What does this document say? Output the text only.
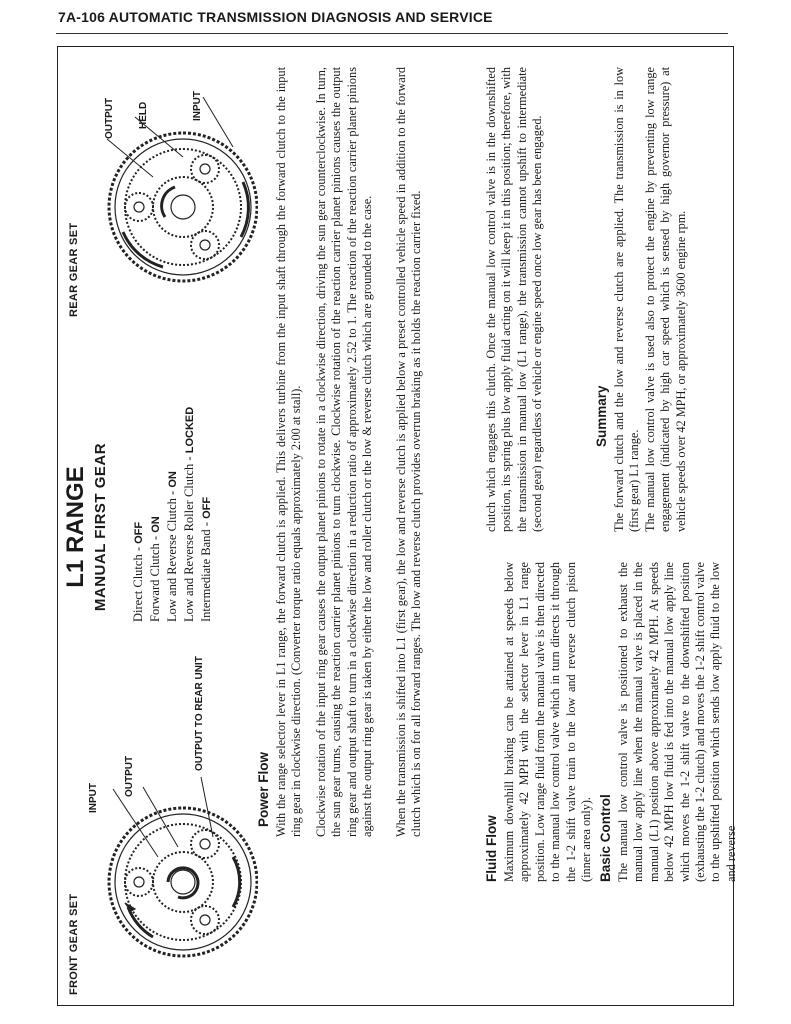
7A-106 AUTOMATIC TRANSMISSION DIAGNOSIS AND SERVICE
FRONT GEAR SET
INPUT
OUTPUT
OUTPUT TO REAR UNIT
L1 RANGE MANUAL FIRST GEAR Direct Clutch - OFF Forward Clutch - ON Low and Reverse Clutch - ON Low and Reverse Roller Clutch - LOCKED
Intermediate Band - OFF
REAR GEAR SET
OUTPUT HELD	INPUT
Power Flow With the range selector lever in L1 range, the forward clutch is applied. This delivers turbine from the input shaft through the forward clutch to the input ring gear in clockwise direction. (Converter torque ratio equals approximately 2:00 at stall). Clockwise rotation of the input ring gear causes the output planet pinions to rotate in a clockwise direction, driving the sun gear counterclockwise. In turn, the sun gear turns, causing the reaction carrier planet pinions to turn clockwise. Clockwise rotation of the reaction carrier planet pinions causes the output ring gear and output shaft to turn in a clockwise direction in a reduction ratio of approximately 2.52 to 1. The reaction of the reaction carrier planet pinions against the output ring gear is taken by either the low and roller clutch or the low & reverse clutch which are grounded to the case. When the transmission is shifted into L1 (first gear), the low and reverse clutch is applied below a preset controlled vehicle speed in addition to the forward clutch which is on for all forward ranges. The low and reverse clutch provides overrun braking as it holds the reaction carrier fixed.
Fluid Flow Maximum downhill braking can be attained at speeds below approximately 42 MPH with the selector lever in L1 range position. Low range fluid from the manual valve is then directed to the manual low control valve which in turn directs it through the 1-2 shift valve train to the low and reverse clutch piston (inner area only). Basic Control The manual low control valve is positioned to exhaust the manual low apply line when the manual valve is placed in the manual (L1) position above approximately 42 MPH. At speeds below 42 MPH low fluid is fed into the manual low apply line which moves the 1-2 shift valve to the downshifted position (exhausting the 1-2 clutch) and moves the 1-2 shift control valve to the upshifted position which sends low apply fluid to the low and reverse
clutch which engages this clutch. Once the manual low control valve is in the downshifted position, its spring plus low apply fluid acting on it will keep it in this position; therefore, with the transmission in manual low (L1 range), the transmission cannot upshift to intermediate (second gear) regardless of vehicle or engine speed once low gear has been engaged.	Summary The forward clutch and the low and reverse clutch are applied. The transmission is in low (first gear) L1 range. The manual low control valve is used also to protect the engine by preventing low range engagement (indicated by high car speed which is sensed by high governor pressure) at vehicle speeds over 42 MPH, or approximately 3600 engine rpm.
